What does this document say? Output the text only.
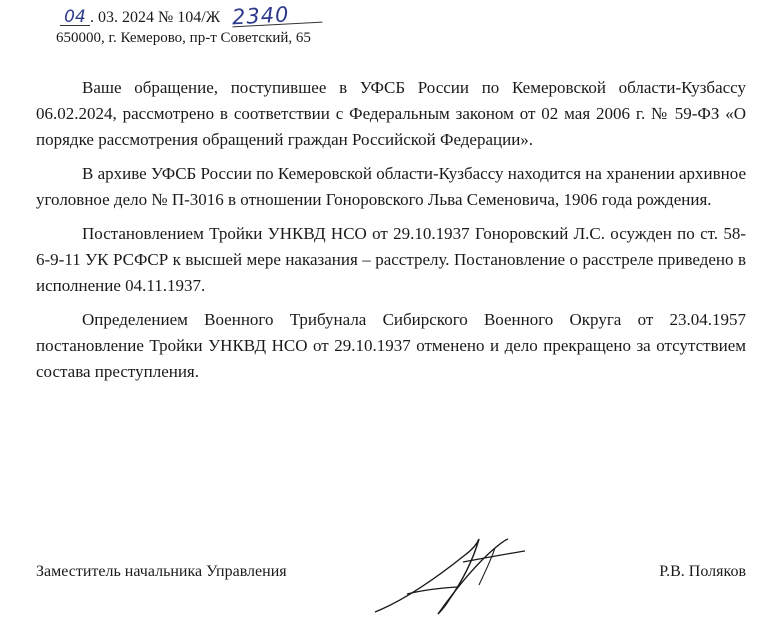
04 . 03. 2024 № 104/Ж 2340
650000, г. Кемерово, пр-т Советский, 65

Ваше обращение, поступившее в УФСБ России по Кемеровской области-Кузбассу 06.02.2024, рассмотрено в соответствии с Федеральным законом от 02 мая 2006 г. № 59-ФЗ «О порядке рассмотрения обращений граждан Российской Федерации».

В архиве УФСБ России по Кемеровской области-Кузбассу находится на хранении архивное уголовное дело № П-3016 в отношении Гоноровского Льва Семеновича, 1906 года рождения.

Постановлением Тройки УНКВД НСО от 29.10.1937 Гоноровский Л.С. осужден по ст. 58-6-9-11 УК РСФСР к высшей мере наказания – расстрелу. Постановление о расстреле приведено в исполнение 04.11.1937.

Определением Военного Трибунала Сибирского Военного Округа от 23.04.1957 постановление Тройки УНКВД НСО от 29.10.1937 отменено и дело прекращено за отсутствием состава преступления.

Заместитель начальника Управления	Р.В. Поляков
